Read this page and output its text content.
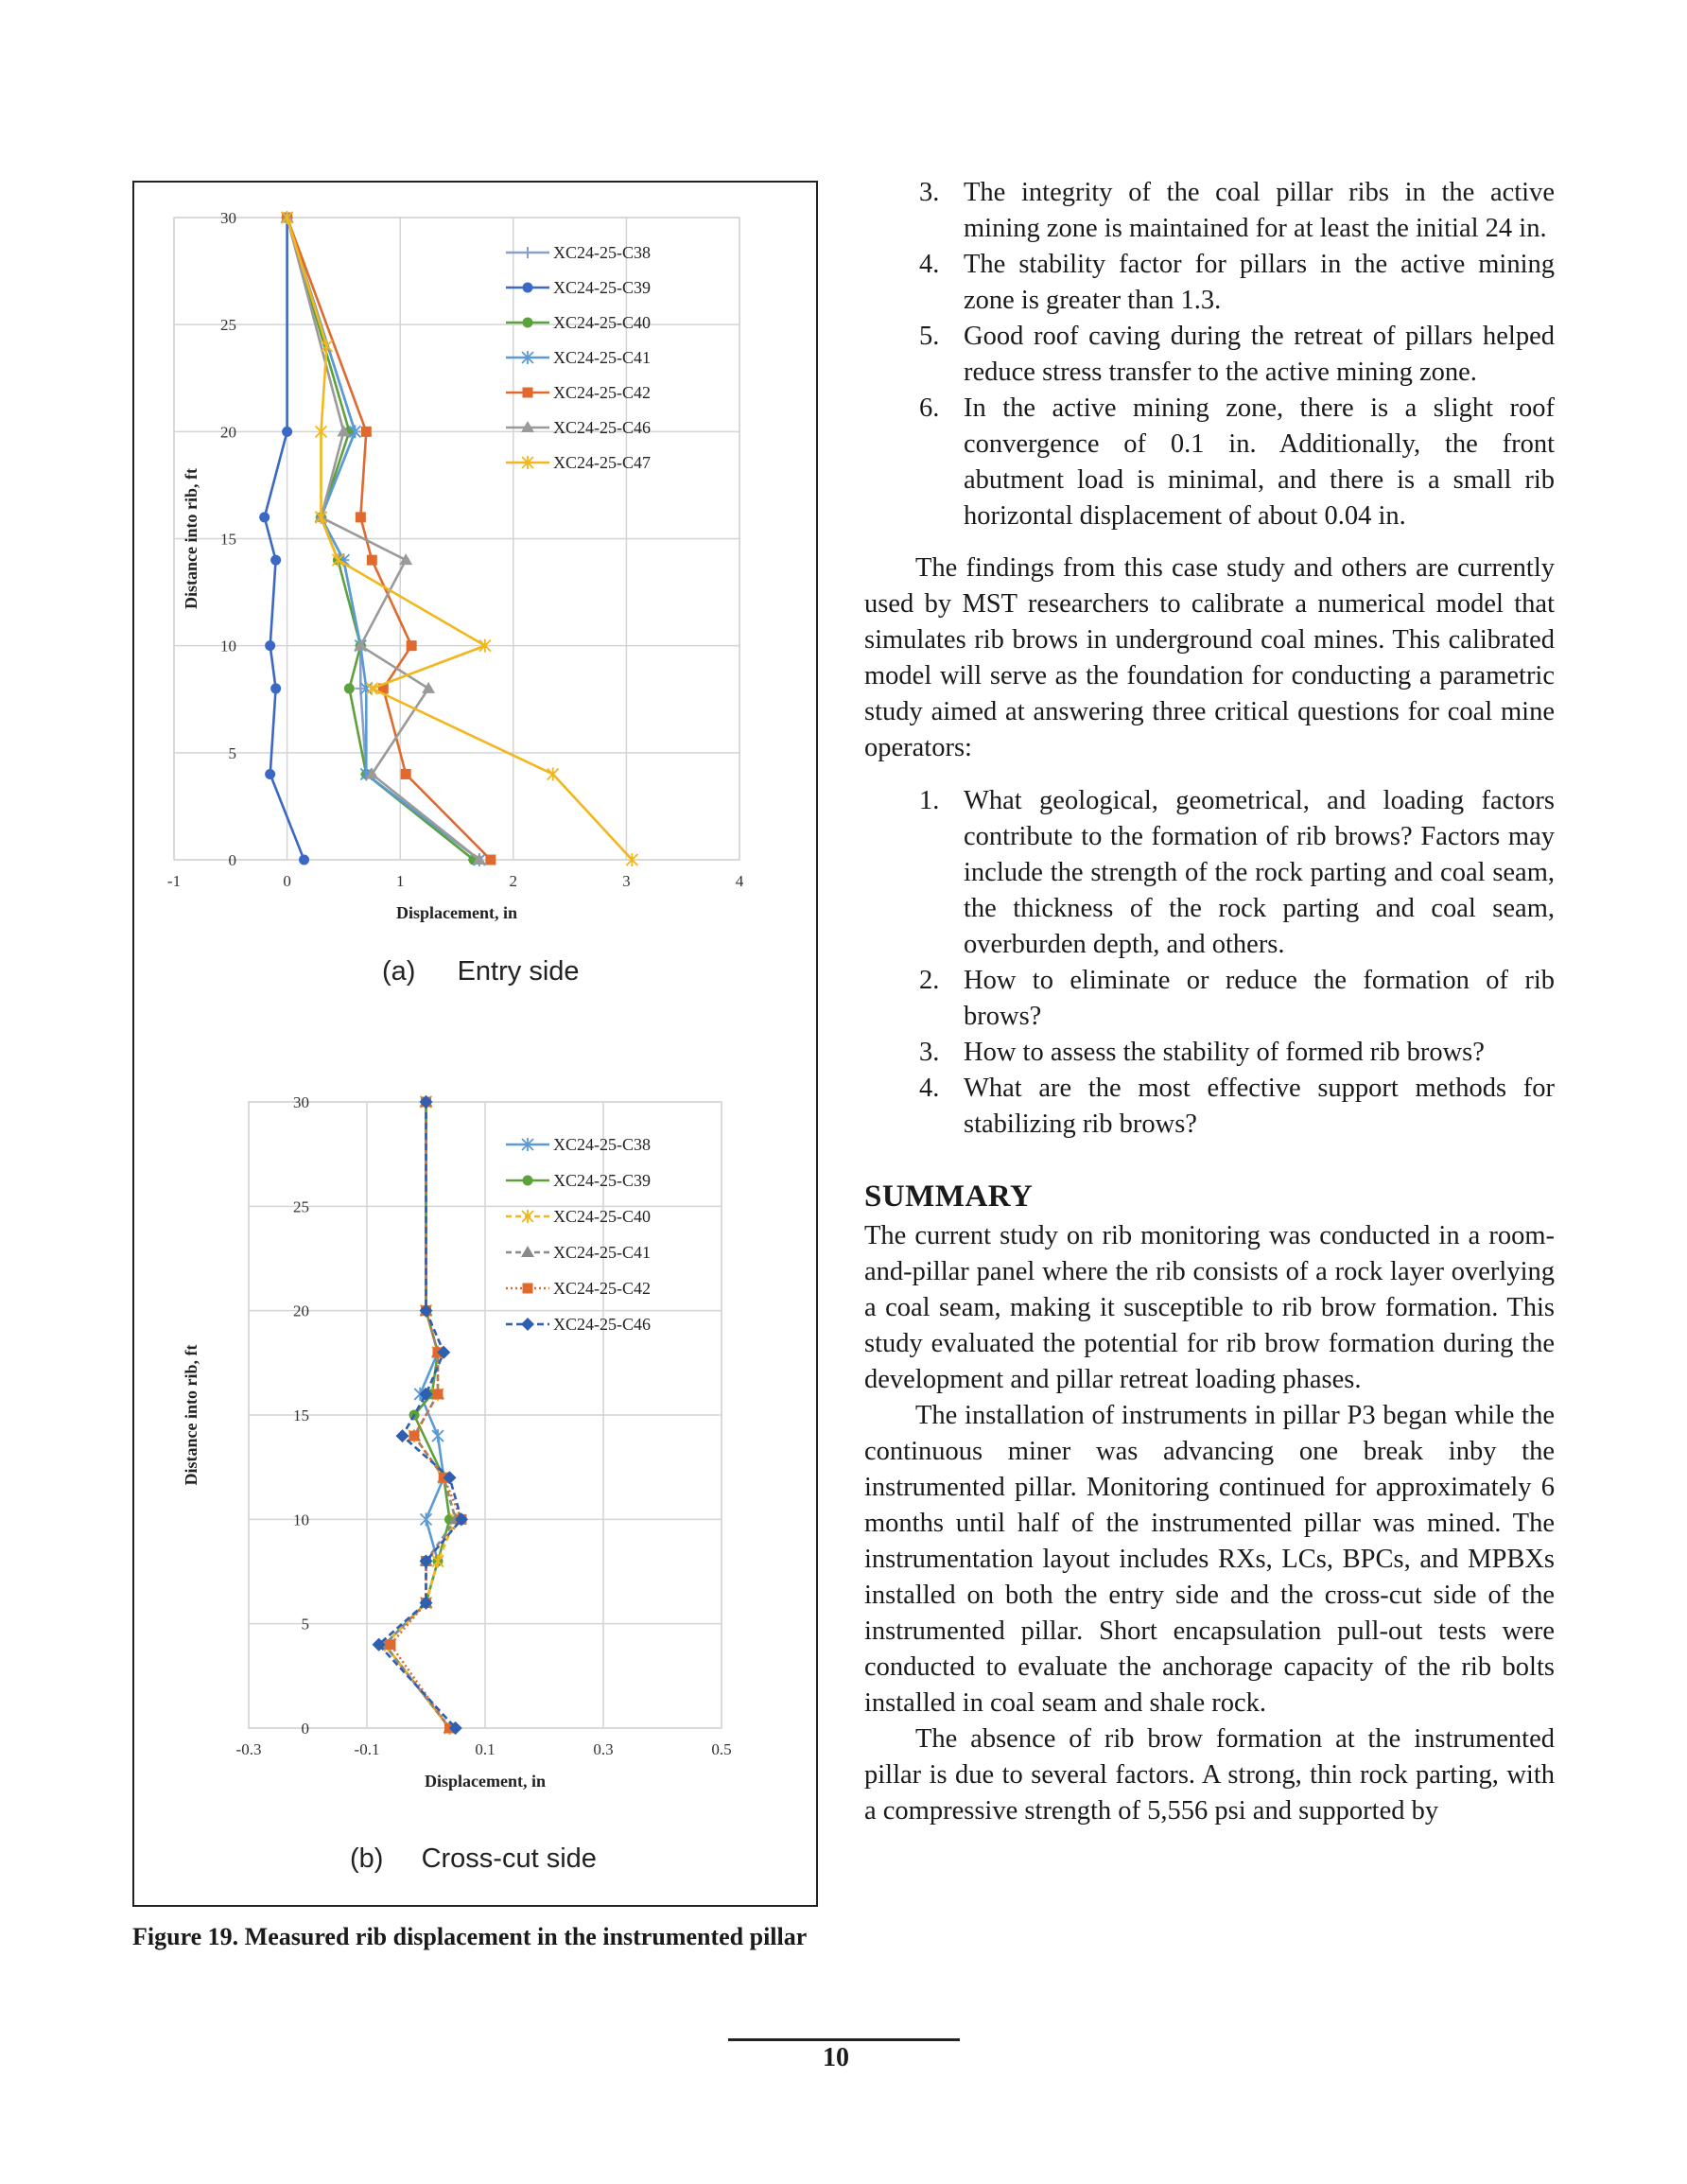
-1	0	1	2	3	4
0
5
10
15
20
25
30
Displacement, in
Distance into rib, ft
XC24-25-C38
XC24-25-C39
XC24-25-C40
XC24-25-C41
XC24-25-C42
XC24-25-C46
XC24-25-C47
(a) Entry side
-0.3	-0.1	0.1	0.3	0.5
0
5
10
15
20
25
30
Displacement, in
Distance into rib, ft
XC24-25-C38
XC24-25-C39
XC24-25-C40
XC24-25-C41
XC24-25-C42
XC24-25-C46
(b) Cross-cut side
Figure 19. Measured rib displacement in the instrumented pillar
3. The integrity of the coal pillar ribs in the active mining zone is maintained for at least the initial 24 in.
4. The stability factor for pillars in the active mining zone is greater than 1.3.
5. Good roof caving during the retreat of pillars helped reduce stress transfer to the active mining zone.
6. In the active mining zone, there is a slight roof convergence of 0.1 in. Additionally, the front abutment load is minimal, and there is a small rib horizontal displacement of about 0.04 in.

The findings from this case study and others are currently used by MST researchers to calibrate a numerical model that simulates rib brows in underground coal mines. This calibrated model will serve as the foundation for conducting a parametric study aimed at answering three critical questions for coal mine operators:

1. What geological, geometrical, and loading factors contribute to the formation of rib brows? Factors may include the strength of the rock parting and coal seam, the thickness of the rock parting and coal seam, overburden depth, and others.
2. How to eliminate or reduce the formation of rib brows?
3. How to assess the stability of formed rib brows?
4. What are the most effective support methods for stabilizing rib brows?
SUMMARY

The current study on rib monitoring was conducted in a room-and-pillar panel where the rib consists of a rock layer overlying a coal seam, making it susceptible to rib brow formation. This study evaluated the potential for rib brow formation during the development and pillar retreat loading phases.

The installation of instruments in pillar P3 began while the continuous miner was advancing one break inby the instrumented pillar. Monitoring continued for approximately 6 months until half of the instrumented pillar was mined. The instrumentation layout includes RXs, LCs, BPCs, and MPBXs installed on both the entry side and the cross-cut side of the instrumented pillar. Short encapsulation pull-out tests were conducted to evaluate the anchorage capacity of the rib bolts installed in coal seam and shale rock.

The absence of rib brow formation at the instrumented pillar is due to several factors. A strong, thin rock parting, with a compressive strength of 5,556 psi and supported by

10
